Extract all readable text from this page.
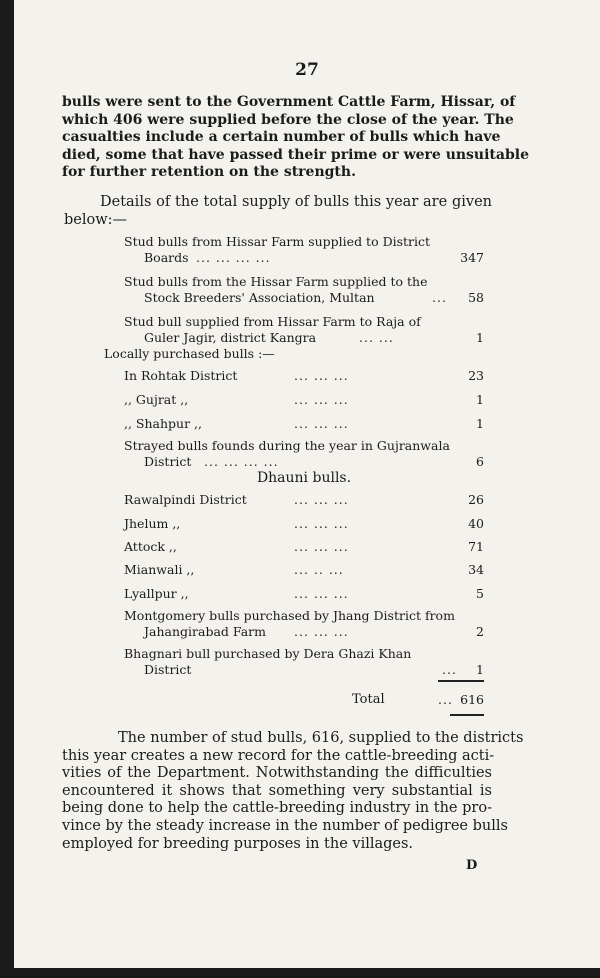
27

bulls were sent to the Government Cattle Farm, Hissar, of
which 406 were supplied before the close of the year. The
casualties include a certain number of bulls which have
died, some that have passed their prime or were unsuitable
for further retention on the strength.

Details of the total supply of bulls this year are given
below:—

Stud bulls from Hissar Farm supplied to District
Boards ... ... ... ...	347
Stud bulls from the Hissar Farm supplied to the
Stock Breeders' Association, Multan	...	58
Stud bull supplied from Hissar Farm to Raja of
Guler Jagir, district Kangra	... ...	1
Locally purchased bulls :—
In Rohtak District	... ... ...	23
,, Gujrat ,,	... ... ...	1
,, Shahpur ,,	... ... ...	1
Strayed bulls founds during the year in Gujranwala
District ... ... ... ...	6
Dhauni bulls.
Rawalpindi District	... ... ...	26
Jhelum ,,	... ... ...	40
Attock ,,	... ... ...	71
Mianwali ,,	... .. ...	34
Lyallpur ,,	... ... ...	5
Montgomery bulls purchased by Jhang District from
Jahangirabad Farm ... ... ...	2
Bhagnari bull purchased by Dera Ghazi Khan
District	...	1
Total	... 616

The number of stud bulls, 616, supplied to the districts
this year creates a new record for the cattle-breeding acti-
vities of the Department. Notwithstanding the difficulties
encountered it shows that something very substantial is
being done to help the cattle-breeding industry in the pro-
vince by the steady increase in the number of pedigree bulls
employed for breeding purposes in the villages.

D
